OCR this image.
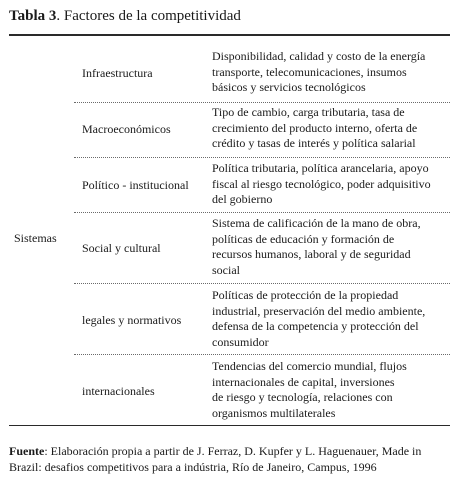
Tabla 3. Factores de la competitividad
Sistemas
Infraestructura
Disponibilidad, calidad y costo de la energía
transporte, telecomunicaciones, insumos
básicos y servicios tecnológicos
Macroeconómicos
Tipo de cambio, carga tributaria, tasa de
crecimiento del producto interno, oferta de
crédito y tasas de interés y política salarial
Político - institucional
Política tributaria, política arancelaria, apoyo
fiscal al riesgo tecnológico, poder adquisitivo
del gobierno
Social y cultural
Sistema de calificación de la mano de obra,
políticas de educación y formación de
recursos humanos, laboral y de seguridad
social
legales y normativos
Políticas de protección de la propiedad
industrial, preservación del medio ambiente,
defensa de la competencia y protección del
consumidor
internacionales
Tendencias del comercio mundial, flujos
internacionales de capital, inversiones
de riesgo y tecnología, relaciones con
organismos multilaterales
Fuente: Elaboración propia a partir de J. Ferraz, D. Kupfer y L. Haguenauer, Made in
Brazil: desafios competitivos para a indústria, Río de Janeiro, Campus, 1996
